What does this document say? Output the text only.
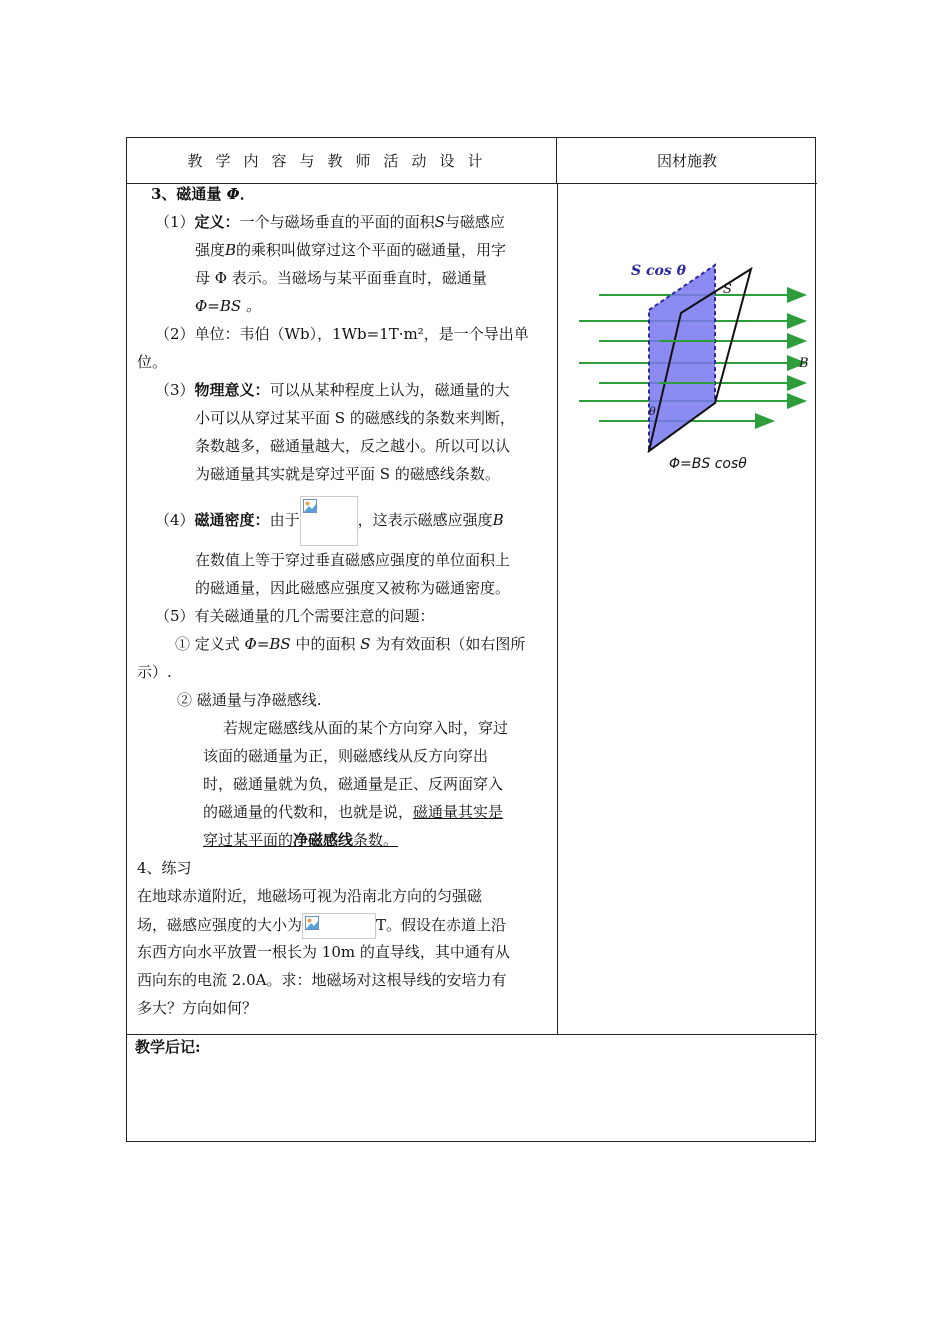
教学内容与教师活动设计	因材施教
3、磁通量 Φ．
（1）定义：一个与磁场垂直的平面的面积S与磁感应
强度B的乘积叫做穿过这个平面的磁通量，用字
母 Φ 表示。当磁场与某平面垂直时，磁通量
Φ=BS 。
（2）单位：韦伯（Wb），1Wb=1T·m²，是一个导出单
位。
（3）物理意义：可以从某种程度上认为，磁通量的大
小可以从穿过某平面 S 的磁感线的条数来判断，
条数越多，磁通量越大，反之越小。所以可以认
为磁通量其实就是穿过平面 S 的磁感线条数。
（4）磁通密度：由于	，这表示磁感应强度B
在数值上等于穿过垂直磁感应强度的单位面积上
的磁通量，因此磁感应强度又被称为磁通密度。
（5）有关磁通量的几个需要注意的问题：
① 定义式 Φ=BS 中的面积 S 为有效面积（如右图所
示）.
② 磁通量与净磁感线.
若规定磁感线从面的某个方向穿入时，穿过
该面的磁通量为正，则磁感线从反方向穿出
时，磁通量就为负，磁通量是正、反两面穿入
的磁通量的代数和，也就是说，磁通量其实是
穿过某平面的净磁感线条数。
4、练习
在地球赤道附近，地磁场可视为沿南北方向的匀强磁
场，磁感应强度的大小为	T。假设在赤道上沿
东西方向水平放置一根长为 10m 的直导线，其中通有从
西向东的电流 2.0A。求：地磁场对这根导线的安培力有
多大？方向如何？
S cos θ
S
B
θ
Φ=BS cosθ
教学后记:
